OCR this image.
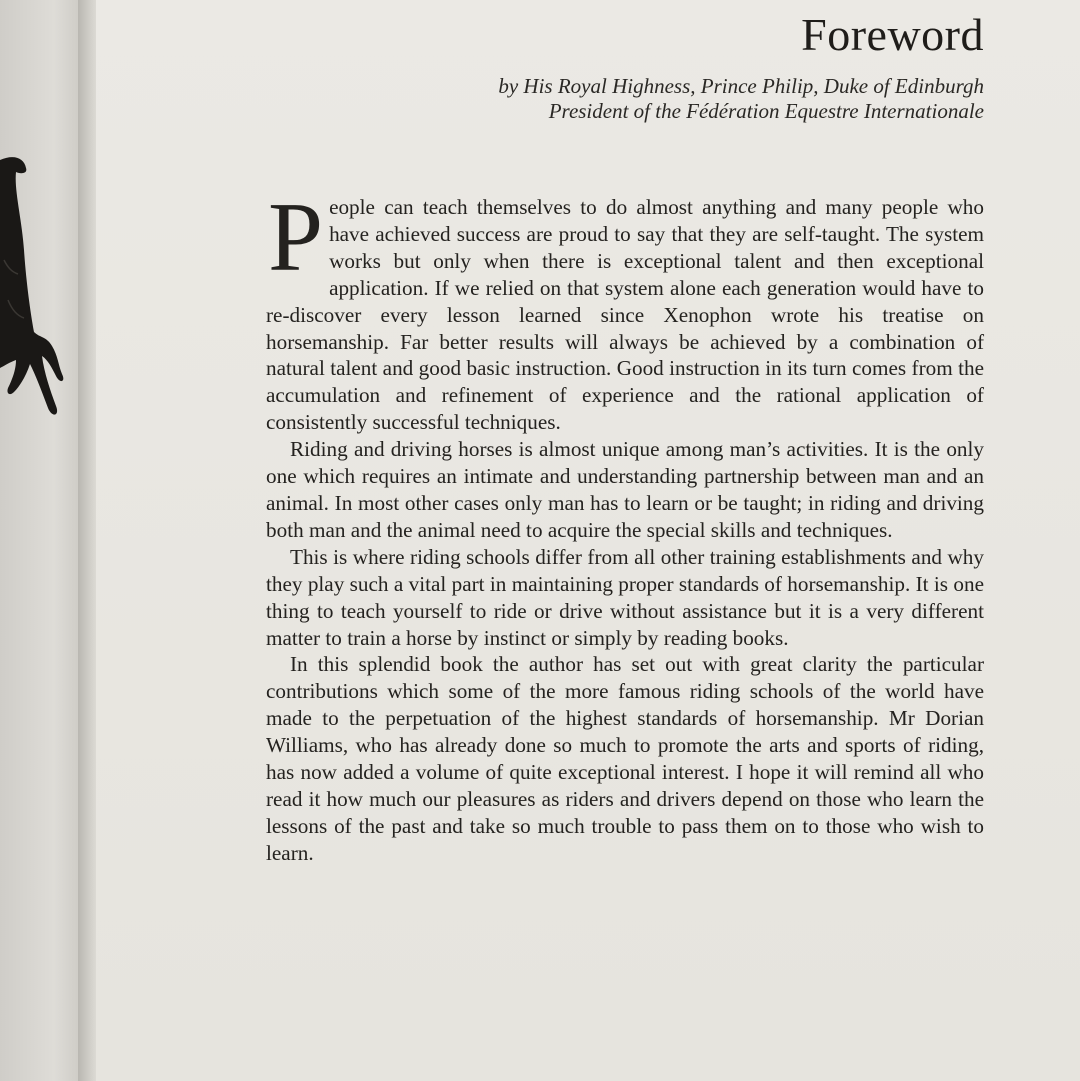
Foreword
by His Royal Highness, Prince Philip, Duke of Edinburgh
President of the Fédération Equestre Internationale

People can teach themselves to do almost anything and many people who have achieved success are proud to say that they are self-taught. The system works but only when there is exceptional talent and then exceptional application. If we relied on that system alone each generation would have to re-discover every lesson learned since Xenophon wrote his treatise on horsemanship. Far better results will always be achieved by a combination of natural talent and good basic instruction. Good instruction in its turn comes from the accumulation and refinement of experience and the rational application of consistently successful techniques.

Riding and driving horses is almost unique among man’s activities. It is the only one which requires an intimate and understanding partnership between man and an animal. In most other cases only man has to learn or be taught; in riding and driving both man and the animal need to acquire the special skills and techniques.

This is where riding schools differ from all other training establishments and why they play such a vital part in maintaining proper standards of horsemanship. It is one thing to teach yourself to ride or drive without assistance but it is a very different matter to train a horse by instinct or simply by reading books.

In this splendid book the author has set out with great clarity the particular contributions which some of the more famous riding schools of the world have made to the perpetuation of the highest standards of horsemanship. Mr Dorian Williams, who has already done so much to promote the arts and sports of riding, has now added a volume of quite exceptional interest. I hope it will remind all who read it how much our pleasures as riders and drivers depend on those who learn the lessons of the past and take so much trouble to pass them on to those who wish to learn.
